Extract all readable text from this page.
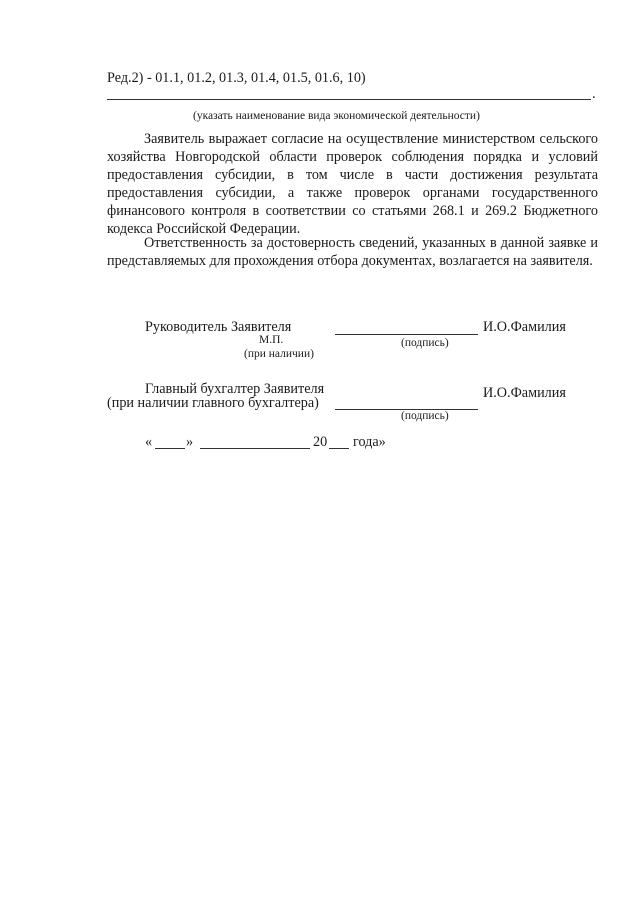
Ред.2) - 01.1, 01.2, 01.3, 01.4, 01.5, 01.6, 10)
.
(указать наименование вида экономической деятельности)
Заявитель выражает согласие на осуществление министерством сельского хозяйства Новгородской области проверок соблюдения порядка и условий предоставления субсидии, в том числе в части достижения результата предоставления субсидии, а также проверок органами государственного финансового контроля в соответствии со статьями 268.1 и 269.2 Бюджетного кодекса Российской Федерации.
Ответственность за достоверность сведений, указанных в данной заявке и представляемых для прохождения отбора документах, возлагается на заявителя.
Руководитель Заявителя	И.О.Фамилия
М.П.	(подпись)
(при наличии)
Главный бухгалтер Заявителя
(при наличии главного бухгалтера)
И.О.Фамилия
(подпись)
« »	20 года»
